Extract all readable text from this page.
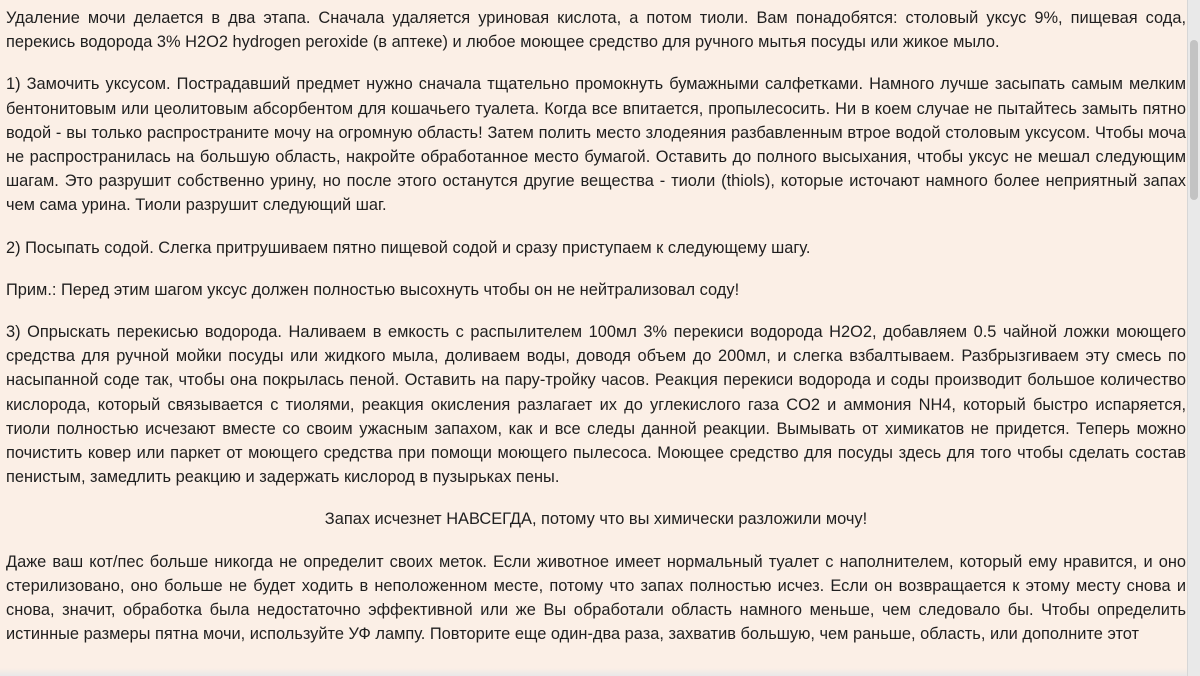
Удаление мочи делается в два этапа. Сначала удаляется уриновая кислота, а потом тиоли. Вам понадобятся: столовый уксус 9%, пищевая сода, перекись водорода 3% H2O2 hydrogen peroxide (в аптеке) и любое моющее средство для ручного мытья посуды или жикое мыло.

1) Замочить уксусом. Пострадавший предмет нужно сначала тщательно промокнуть бумажными салфетками. Намного лучше засыпать самым мелким бентонитовым или цеолитовым абсорбентом для кошачьего туалета. Когда все впитается, пропылесосить. Ни в коем случае не пытайтесь замыть пятно водой - вы только распространите мочу на огромную область! Затем полить место злодеяния разбавленным втрое водой столовым уксусом. Чтобы моча не распространилась на большую область, накройте обработанное место бумагой. Оставить до полного высыхания, чтобы уксус не мешал следующим шагам. Это разрушит собственно урину, но после этого останутся другие вещества - тиоли (thiols), которые источают намного более неприятный запах чем сама урина. Тиоли разрушит следующий шаг.

2) Посыпать содой. Слегка притрушиваем пятно пищевой содой и сразу приступаем к следующему шагу.

Прим.: Перед этим шагом уксус должен полностью высохнуть чтобы он не нейтрализовал соду!

3) Опрыскать перекисью водорода. Наливаем в емкость с распылителем 100мл 3% перекиси водорода H2O2, добавляем 0.5 чайной ложки моющего средства для ручной мойки посуды или жидкого мыла, доливаем воды, доводя объем до 200мл, и слегка взбалтываем. Разбрызгиваем эту смесь по насыпанной соде так, чтобы она покрылась пеной. Оставить на пару-тройку часов. Реакция перекиси водорода и соды производит большое количество кислорода, который связывается с тиолями, реакция окисления разлагает их до углекислого газа CO2 и аммония NH4, который быстро испаряется, тиоли полностью исчезают вместе со своим ужасным запахом, как и все следы данной реакции. Вымывать от химикатов не придется. Теперь можно почистить ковер или паркет от моющего средства при помощи моющего пылесоса. Моющее средство для посуды здесь для того чтобы сделать состав пенистым, замедлить реакцию и задержать кислород в пузырьках пены.

Запах исчезнет НАВСЕГДА, потому что вы химически разложили мочу!

Даже ваш кот/пес больше никогда не определит своих меток. Если животное имеет нормальный туалет с наполнителем, который ему нравится, и оно стерилизовано, оно больше не будет ходить в неположенном месте, потому что запах полностью исчез. Если он возвращается к этому месту снова и снова, значит, обработка была недостаточно эффективной или же Вы обработали область намного меньше, чем следовало бы. Чтобы определить истинные размеры пятна мочи, используйте УФ лампу. Повторите еще один-два раза, захватив большую, чем раньше, область, или дополните этот
